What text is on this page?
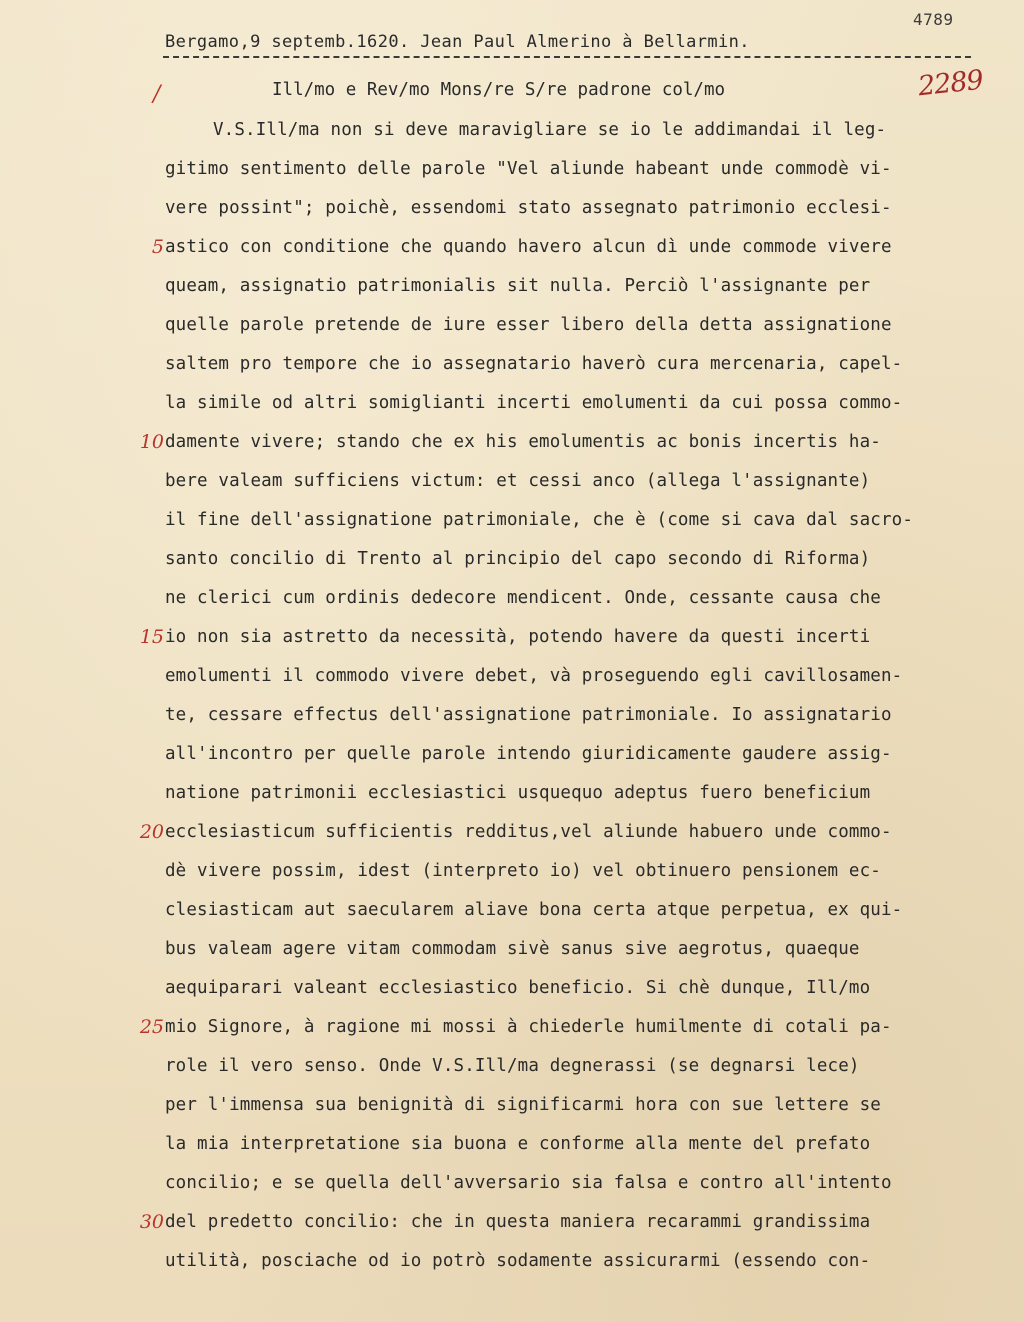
4789
Bergamo,9 septemb.1620. Jean Paul Almerino à Bellarmin.
2289
/	Ill/mo e Rev/mo Mons/re S/re padrone col/mo
V.S.Ill/ma non si deve maravigliare se io le addimandai il leg-
gitimo sentimento delle parole "Vel aliunde habeant unde commodè vi-
vere possint"; poichè, essendomi stato assegnato patrimonio ecclesi-
astico con conditione che quando havero alcun dì unde commode vivere
queam, assignatio patrimonialis sit nulla. Perciò l'assignante per
quelle parole pretende de iure esser libero della detta assignatione
saltem pro tempore che io assegnatario haverò cura mercenaria, capel-
la simile od altri somiglianti incerti emolumenti da cui possa commo-
damente vivere; stando che ex his emolumentis ac bonis incertis ha-
bere valeam sufficiens victum: et cessi anco (allega l'assignante)
il fine dell'assignatione patrimoniale, che è (come si cava dal sacro-
santo concilio di Trento al principio del capo secondo di Riforma)
ne clerici cum ordinis dedecore mendicent. Onde, cessante causa che
io non sia astretto da necessità, potendo havere da questi incerti
emolumenti il commodo vivere debet, và proseguendo egli cavillosamen-
te, cessare effectus dell'assignatione patrimoniale. Io assignatario
all'incontro per quelle parole intendo giuridicamente gaudere assig-
natione patrimonii ecclesiastici usquequo adeptus fuero beneficium
ecclesiasticum sufficientis redditus,vel aliunde habuero unde commo-
dè vivere possim, idest (interpreto io) vel obtinuero pensionem ec-
clesiasticam aut saecularem aliave bona certa atque perpetua, ex qui-
bus valeam agere vitam commodam sivè sanus sive aegrotus, quaeque
aequiparari valeant ecclesiastico beneficio. Si chè dunque, Ill/mo
mio Signore, à ragione mi mossi à chiederle humilmente di cotali pa-
role il vero senso. Onde V.S.Ill/ma degnerassi (se degnarsi lece)
per l'immensa sua benignità di significarmi hora con sue lettere se
la mia interpretatione sia buona e conforme alla mente del prefato
concilio; e se quella dell'avversario sia falsa e contro all'intento
del predetto concilio: che in questa maniera recarammi grandissima
utilità, posciache od io potrò sodamente assicurarmi (essendo con-
5
10
15
20
25
30
